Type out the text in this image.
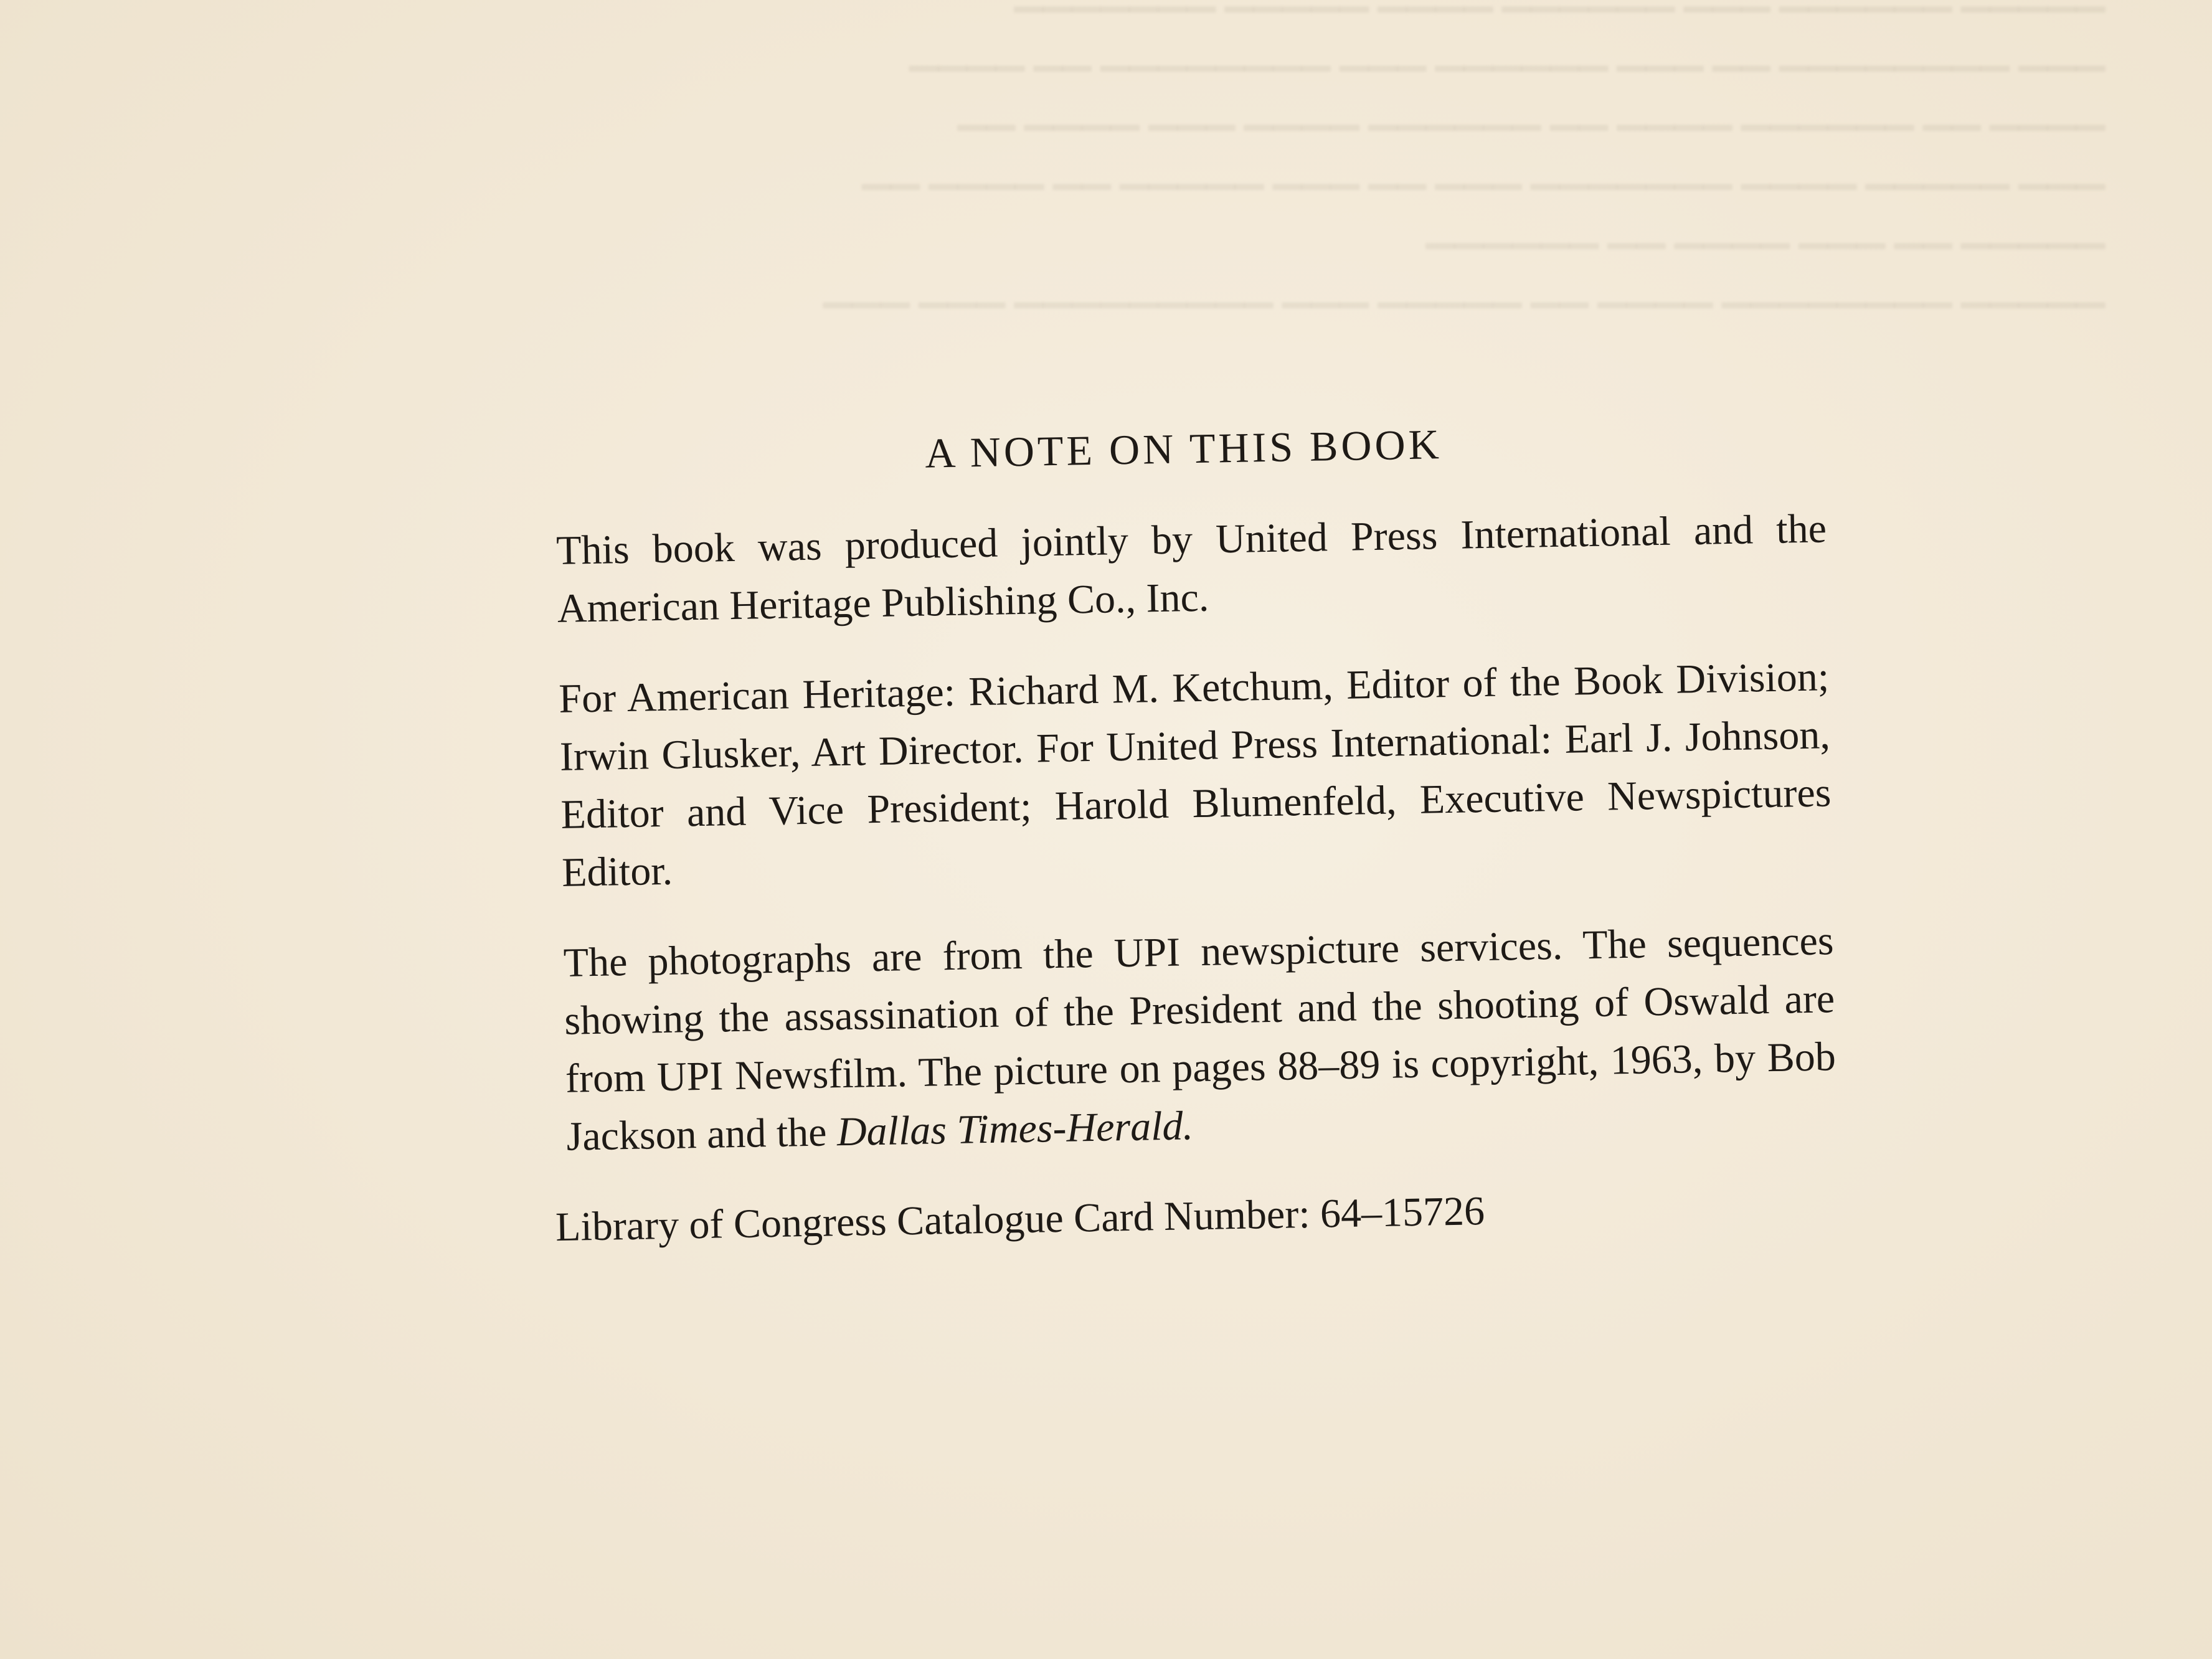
▔▔▔▔▔ ▔▔▔▔▔▔ ▔▔▔ ▔▔▔▔▔▔ ▔▔▔▔ ▔▔▔▔▔ ▔▔▔▔▔▔▔
▔▔▔ ▔▔▔▔▔▔▔▔ ▔▔ ▔▔▔ ▔▔▔▔▔▔ ▔▔▔ ▔▔▔▔▔▔▔▔ ▔▔ ▔▔▔▔
▔▔▔▔ ▔▔ ▔▔▔▔▔▔ ▔▔▔▔ ▔▔ ▔▔▔▔▔▔ ▔▔▔▔ ▔▔▔ ▔▔▔▔ ▔▔
▔▔▔ ▔▔▔▔▔ ▔▔▔▔ ▔▔▔▔▔▔▔ ▔▔▔ ▔▔ ▔▔▔ ▔▔▔▔▔ ▔▔ ▔▔▔▔ ▔▔
▔▔▔▔▔ ▔▔ ▔▔▔ ▔▔▔▔ ▔▔ ▔▔▔▔▔▔
▔▔▔▔▔ ▔▔▔▔▔▔▔▔ ▔▔▔▔ ▔▔ ▔▔▔▔▔ ▔▔▔ ▔▔▔▔▔▔▔▔▔ ▔▔▔ ▔▔▔
A NOTE ON THIS BOOK

This book was produced jointly by United Press International and the American Heritage Publishing Co., Inc.

For American Heritage: Richard M. Ketchum, Editor of the Book Division; Irwin Glusker, Art Director. For United Press International: Earl J. Johnson, Editor and Vice President; Harold Blumenfeld, Executive Newspictures Editor.

The photographs are from the UPI newspicture services. The sequences showing the assassination of the President and the shooting of Oswald are from UPI Newsfilm. The picture on pages 88–89 is copyright, 1963, by Bob Jackson and the Dallas Times-Herald.

Library of Congress Catalogue Card Number: 64–15726
